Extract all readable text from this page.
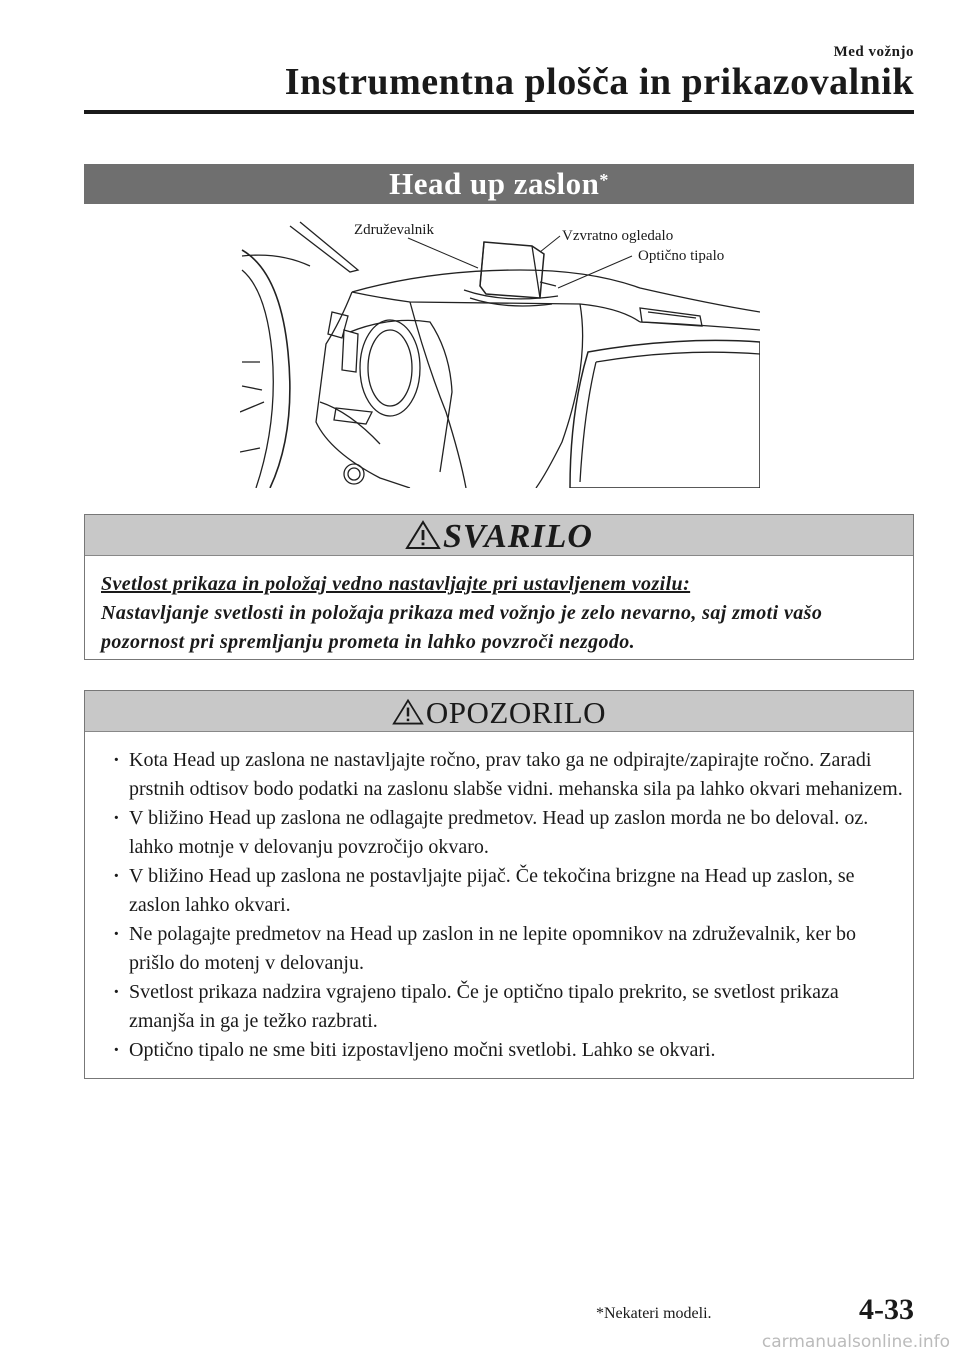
Med vožnjo
Instrumentna plošča in prikazovalnik
Head up zaslon*
Združevalnik	Vzvratno ogledalo
Optično tipalo
SVARILO
Svetlost prikaza in položaj vedno nastavljajte pri ustavljenem vozilu:
Nastavljanje svetlosti in položaja prikaza med vožnjo je zelo nevarno, saj zmoti vašo pozornost pri spremljanju prometa in lahko povzroči nezgodo.
OPOZORILO
· Kota Head up zaslona ne nastavljajte ročno, prav tako ga ne odpirajte/zapirajte ročno. Zaradi prstnih odtisov bodo podatki na zaslonu slabše vidni. mehanska sila pa lahko okvari mehanizem.
· V bližino Head up zaslona ne odlagajte predmetov. Head up zaslon morda ne bo deloval. oz. lahko motnje v delovanju povzročijo okvaro.
· V bližino Head up zaslona ne postavljajte pijač. Če tekočina brizgne na Head up zaslon, se zaslon lahko okvari.
· Ne polagajte predmetov na Head up zaslon in ne lepite opomnikov na združevalnik, ker bo prišlo do motenj v delovanju.
· Svetlost prikaza nadzira vgrajeno tipalo. Če je optično tipalo prekrito, se svetlost prikaza zmanjša in ga je težko razbrati.
· Optično tipalo ne sme biti izpostavljeno močni svetlobi. Lahko se okvari.
*Nekateri modeli.	4-33
carmanualsonline.info
